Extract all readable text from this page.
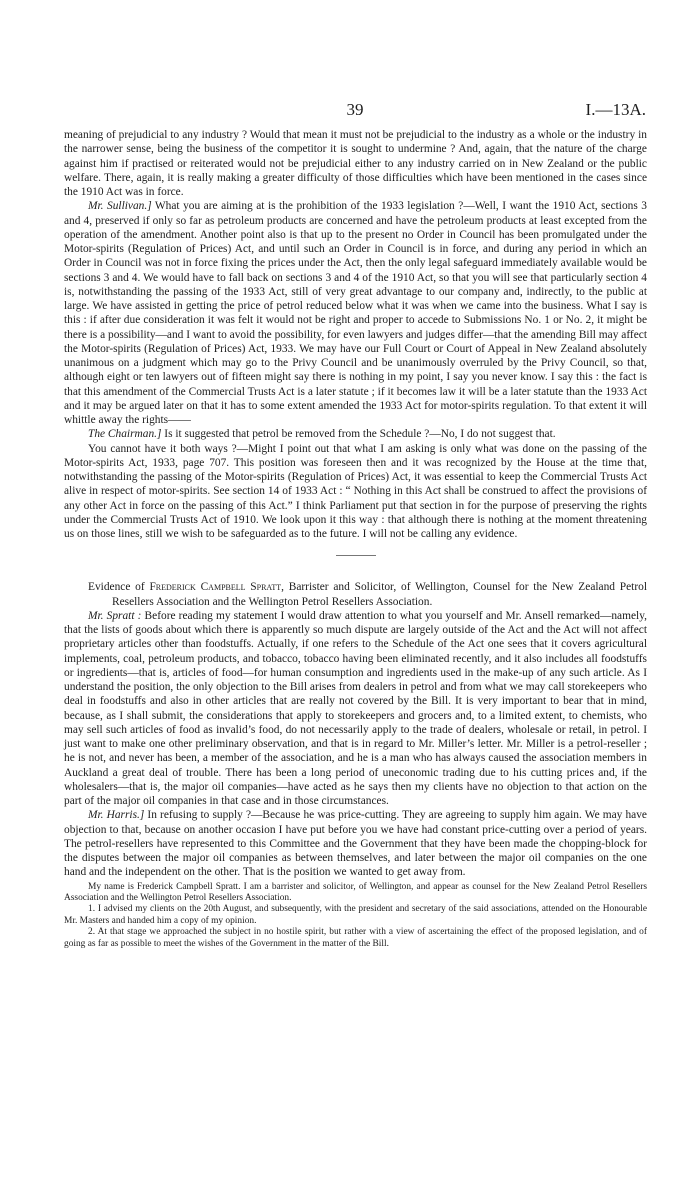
39	I.—13A.

meaning of prejudicial to any industry ? Would that mean it must not be prejudicial to the industry as a whole or the industry in the narrower sense, being the business of the competitor it is sought to undermine ? And, again, that the nature of the charge against him if practised or reiterated would not be prejudicial either to any industry carried on in New Zealand or the public welfare. There, again, it is really making a greater difficulty of those difficulties which have been mentioned in the cases since the 1910 Act was in force.

Mr. Sullivan.] What you are aiming at is the prohibition of the 1933 legislation ?—Well, I want the 1910 Act, sections 3 and 4, preserved if only so far as petroleum products are concerned and have the petroleum products at least excepted from the operation of the amendment. Another point also is that up to the present no Order in Council has been promulgated under the Motor-spirits (Regulation of Prices) Act, and until such an Order in Council is in force, and during any period in which an Order in Council was not in force fixing the prices under the Act, then the only legal safeguard immediately available would be sections 3 and 4. We would have to fall back on sections 3 and 4 of the 1910 Act, so that you will see that particularly section 4 is, notwithstanding the passing of the 1933 Act, still of very great advantage to our company and, indirectly, to the public at large. We have assisted in getting the price of petrol reduced below what it was when we came into the business. What I say is this : if after due consideration it was felt it would not be right and proper to accede to Submissions No. 1 or No. 2, it might be there is a possibility—and I want to avoid the possibility, for even lawyers and judges differ—that the amending Bill may affect the Motor-spirits (Regulation of Prices) Act, 1933. We may have our Full Court or Court of Appeal in New Zealand absolutely unanimous on a judgment which may go to the Privy Council and be unanimously overruled by the Privy Council, so that, although eight or ten lawyers out of fifteen might say there is nothing in my point, I say you never know. I say this : the fact is that this amendment of the Commercial Trusts Act is a later statute ; if it becomes law it will be a later statute than the 1933 Act and it may be argued later on that it has to some extent amended the 1933 Act for motor-spirits regulation. To that extent it will whittle away the rights——

The Chairman.] Is it suggested that petrol be removed from the Schedule ?—No, I do not suggest that.

You cannot have it both ways ?—Might I point out that what I am asking is only what was done on the passing of the Motor-spirits Act, 1933, page 707. This position was foreseen then and it was recognized by the House at the time that, notwithstanding the passing of the Motor-spirits (Regulation of Prices) Act, it was essential to keep the Commercial Trusts Act alive in respect of motor-spirits. See section 14 of 1933 Act : “ Nothing in this Act shall be construed to affect the provisions of any other Act in force on the passing of this Act.” I think Parliament put that section in for the purpose of preserving the rights under the Commercial Trusts Act of 1910. We look upon it this way : that although there is nothing at the moment threatening us on those lines, still we wish to be safeguarded as to the future. I will not be calling any evidence.

Evidence of Frederick Campbell Spratt, Barrister and Solicitor, of Wellington, Counsel for the New Zealand Petrol Resellers Association and the Wellington Petrol Resellers Association.

Mr. Spratt : Before reading my statement I would draw attention to what you yourself and Mr. Ansell remarked—namely, that the lists of goods about which there is apparently so much dispute are largely outside of the Act and the Act will not affect proprietary articles other than foodstuffs. Actually, if one refers to the Schedule of the Act one sees that it covers agricultural implements, coal, petroleum products, and tobacco, tobacco having been eliminated recently, and it also includes all foodstuffs or ingredients—that is, articles of food—for human consumption and ingredients used in the make-up of any such article. As I understand the position, the only objection to the Bill arises from dealers in petrol and from what we may call storekeepers who deal in foodstuffs and also in other articles that are really not covered by the Bill. It is very important to bear that in mind, because, as I shall submit, the considerations that apply to storekeepers and grocers and, to a limited extent, to chemists, who may sell such articles of food as invalid’s food, do not necessarily apply to the trade of dealers, wholesale or retail, in petrol. I just want to make one other preliminary observation, and that is in regard to Mr. Miller’s letter. Mr. Miller is a petrol-reseller ; he is not, and never has been, a member of the association, and he is a man who has always caused the association members in Auckland a great deal of trouble. There has been a long period of uneconomic trading due to his cutting prices and, if the wholesalers—that is, the major oil companies—have acted as he says then my clients have no objection to that action on the part of the major oil companies in that case and in those circumstances.

Mr. Harris.] In refusing to supply ?—Because he was price-cutting. They are agreeing to supply him again. We may have objection to that, because on another occasion I have put before you we have had constant price-cutting over a period of years. The petrol-resellers have represented to this Committee and the Government that they have been made the chopping-block for the disputes between the major oil companies as between themselves, and later between the major oil companies on the one hand and the independent on the other. That is the position we wanted to get away from.

My name is Frederick Campbell Spratt. I am a barrister and solicitor, of Wellington, and appear as counsel for the New Zealand Petrol Resellers Association and the Wellington Petrol Resellers Association.

1. I advised my clients on the 20th August, and subsequently, with the president and secretary of the said associations, attended on the Honourable Mr. Masters and handed him a copy of my opinion.

2. At that stage we approached the subject in no hostile spirit, but rather with a view of ascertaining the effect of the proposed legislation, and of going as far as possible to meet the wishes of the Government in the matter of the Bill.
